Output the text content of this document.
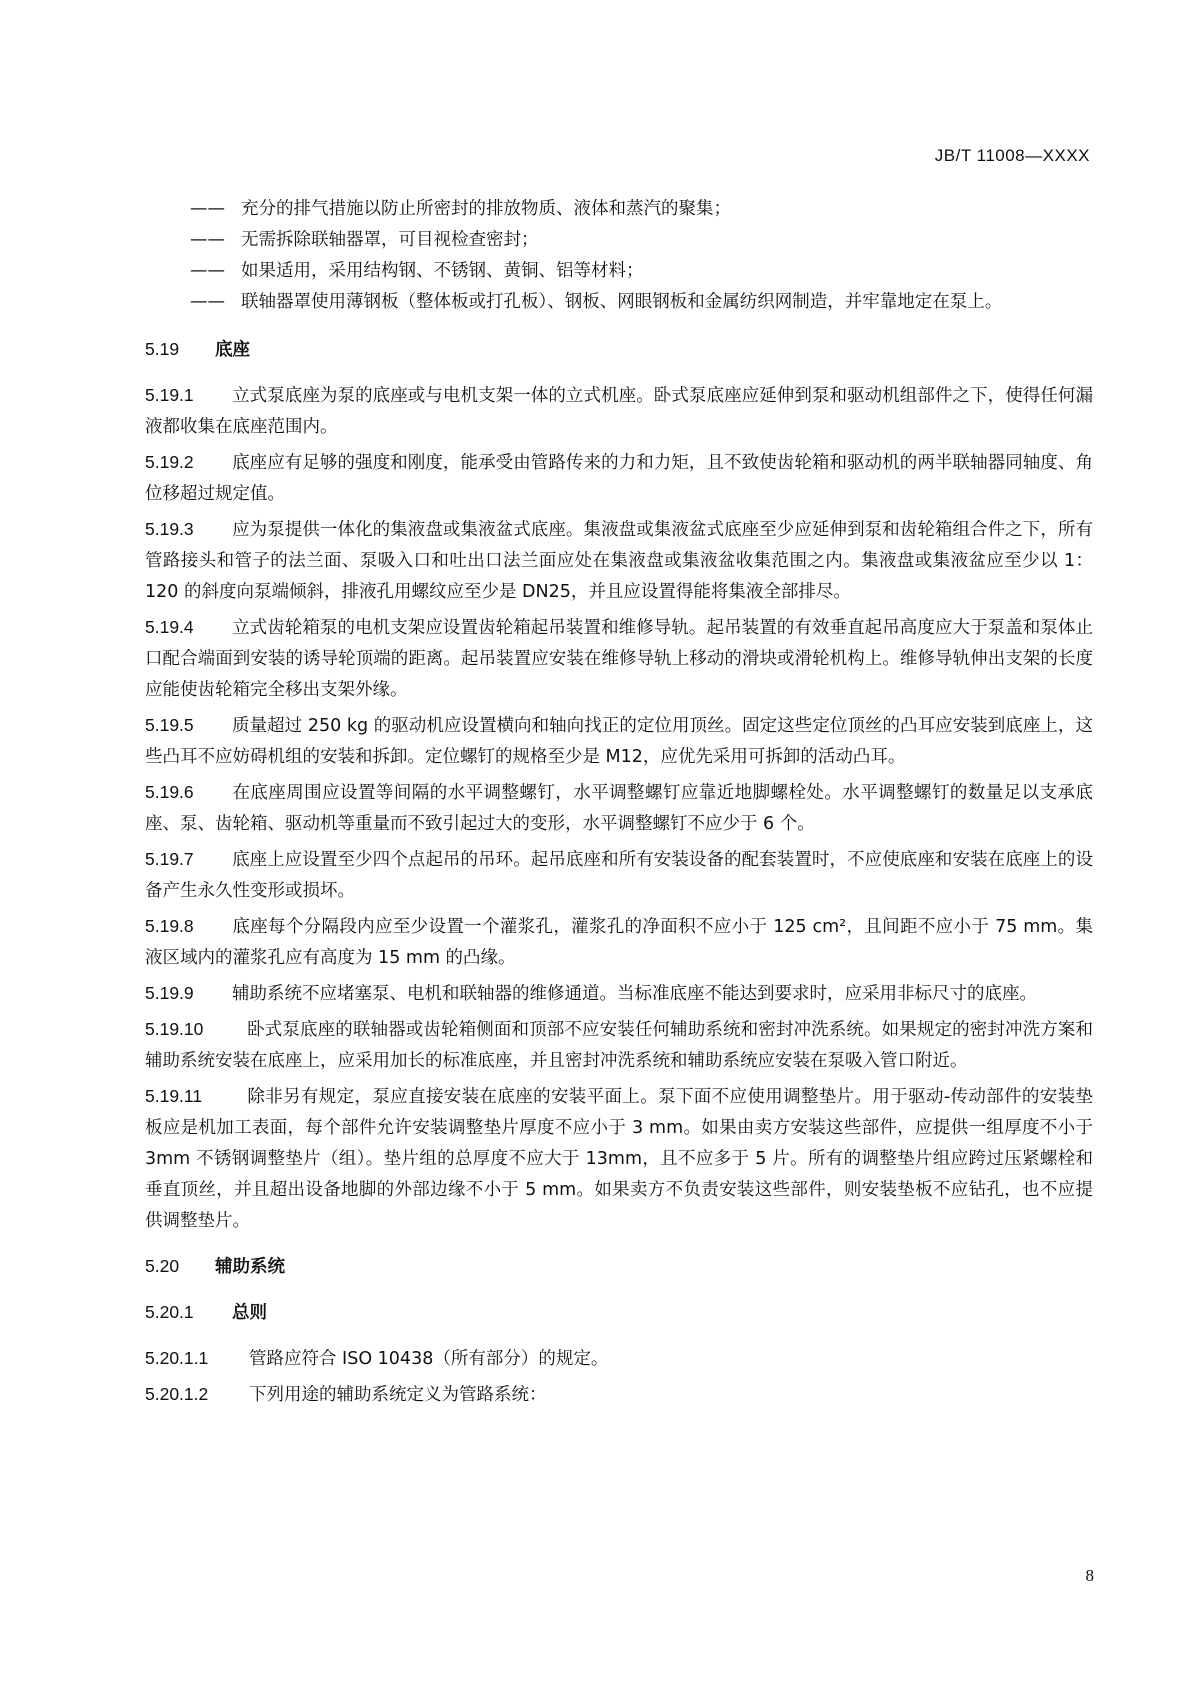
JB/T 11008—XXXX
—— 充分的排气措施以防止所密封的排放物质、液体和蒸汽的聚集；
—— 无需拆除联轴器罩，可目视检查密封；
—— 如果适用，采用结构钢、不锈钢、黄铜、铝等材料；
—— 联轴器罩使用薄钢板（整体板或打孔板）、钢板、网眼钢板和金属纺织网制造，并牢靠地定在泵上。
5.19 底座

5.19.1 立式泵底座为泵的底座或与电机支架一体的立式机座。卧式泵底座应延伸到泵和驱动机组部件之下，使得任何漏液都收集在底座范围内。

5.19.2 底座应有足够的强度和刚度，能承受由管路传来的力和力矩，且不致使齿轮箱和驱动机的两半联轴器同轴度、角位移超过规定值。

5.19.3 应为泵提供一体化的集液盘或集液盆式底座。集液盘或集液盆式底座至少应延伸到泵和齿轮箱组合件之下，所有管路接头和管子的法兰面、泵吸入口和吐出口法兰面应处在集液盘或集液盆收集范围之内。集液盘或集液盆应至少以 1：120 的斜度向泵端倾斜，排液孔用螺纹应至少是 DN25，并且应设置得能将集液全部排尽。

5.19.4 立式齿轮箱泵的电机支架应设置齿轮箱起吊装置和维修导轨。起吊装置的有效垂直起吊高度应大于泵盖和泵体止口配合端面到安装的诱导轮顶端的距离。起吊装置应安装在维修导轨上移动的滑块或滑轮机构上。维修导轨伸出支架的长度应能使齿轮箱完全移出支架外缘。

5.19.5 质量超过 250 kg 的驱动机应设置横向和轴向找正的定位用顶丝。固定这些定位顶丝的凸耳应安装到底座上，这些凸耳不应妨碍机组的安装和拆卸。定位螺钉的规格至少是 M12，应优先采用可拆卸的活动凸耳。

5.19.6 在底座周围应设置等间隔的水平调整螺钉，水平调整螺钉应靠近地脚螺栓处。水平调整螺钉的数量足以支承底座、泵、齿轮箱、驱动机等重量而不致引起过大的变形，水平调整螺钉不应少于 6 个。

5.19.7 底座上应设置至少四个点起吊的吊环。起吊底座和所有安装设备的配套装置时，不应使底座和安装在底座上的设备产生永久性变形或损坏。

5.19.8 底座每个分隔段内应至少设置一个灌浆孔，灌浆孔的净面积不应小于 125 cm²，且间距不应小于 75 mm。集液区域内的灌浆孔应有高度为 15 mm 的凸缘。

5.19.9 辅助系统不应堵塞泵、电机和联轴器的维修通道。当标准底座不能达到要求时，应采用非标尺寸的底座。

5.19.10 卧式泵底座的联轴器或齿轮箱侧面和顶部不应安装任何辅助系统和密封冲洗系统。如果规定的密封冲洗方案和辅助系统安装在底座上，应采用加长的标准底座，并且密封冲洗系统和辅助系统应安装在泵吸入管口附近。

5.19.11	除非另有规定，泵应直接安装在底座的安装平面上。泵下面不应使用调整垫片。用于驱动-传动部件的安装垫板应是机加工表面，每个部件允许安装调整垫片厚度不应小于 3 mm。如果由卖方安装这些部件，应提供一组厚度不小于 3mm 不锈钢调整垫片（组）。垫片组的总厚度不应大于 13mm，且不应多于 5 片。所有的调整垫片组应跨过压紧螺栓和垂直顶丝，并且超出设备地脚的外部边缘不小于 5 mm。如果卖方不负责安装这些部件，则安装垫板不应钻孔，也不应提供调整垫片。

5.20 辅助系统
5.20.1 总则

5.20.1.1 管路应符合 ISO 10438（所有部分）的规定。

5.20.1.2 下列用途的辅助系统定义为管路系统：

8
